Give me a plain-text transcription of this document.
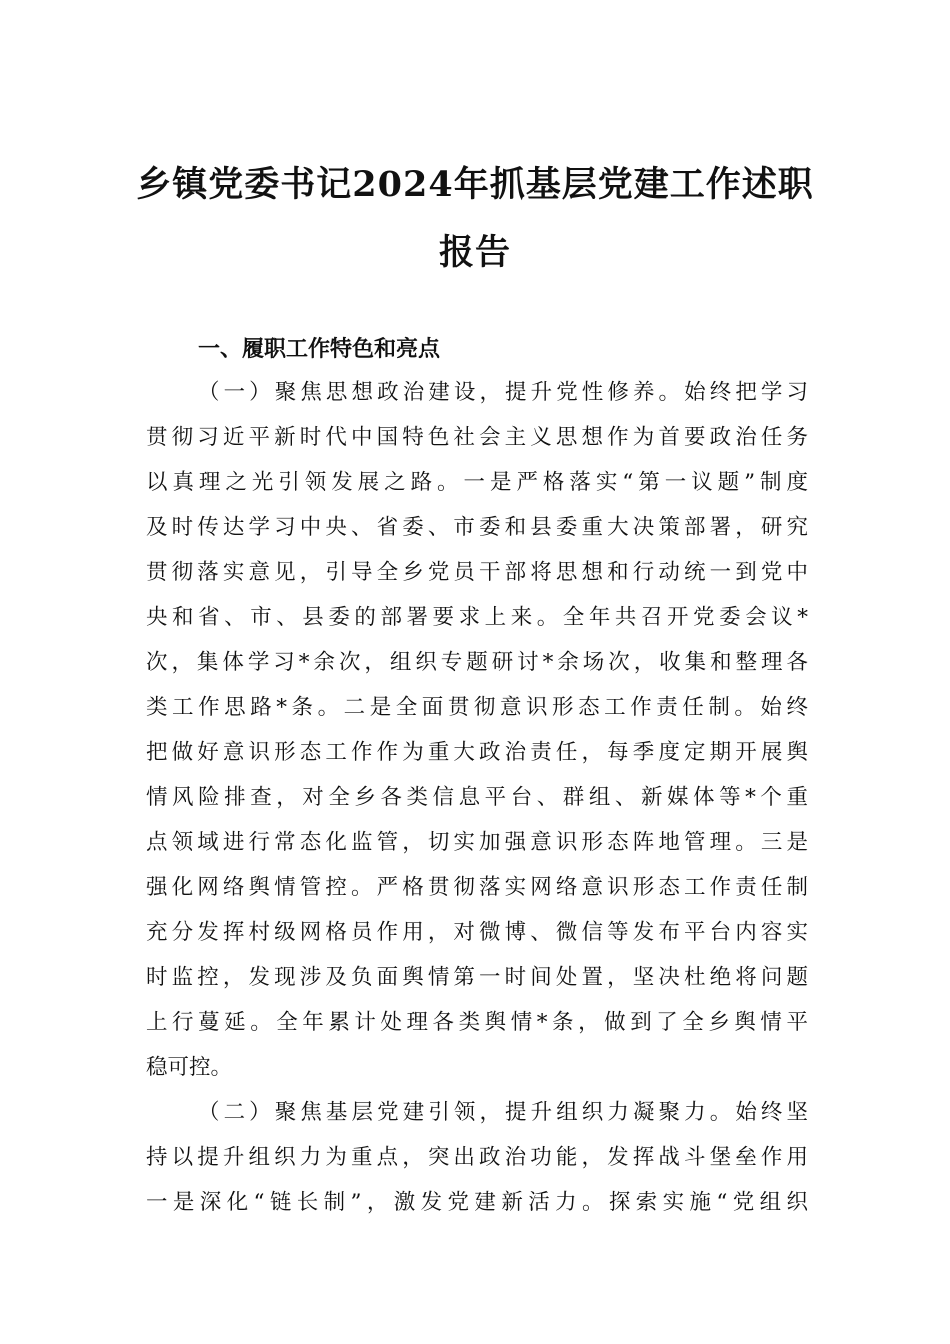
乡镇党委书记2024年抓基层党建工作述职
报告
一、履职工作特色和亮点
（一）聚焦思想政治建设，提升党性修养。始终把学习
贯彻习近平新时代中国特色社会主义思想作为首要政治任务
以真理之光引领发展之路。一是严格落实“第一议题”制度
及时传达学习中央、省委、市委和县委重大决策部署，研究
贯彻落实意见，引导全乡党员干部将思想和行动统一到党中
央和省、市、县委的部署要求上来。全年共召开党委会议*
次，集体学习*余次，组织专题研讨*余场次，收集和整理各
类工作思路*条。二是全面贯彻意识形态工作责任制。始终
把做好意识形态工作作为重大政治责任，每季度定期开展舆
情风险排查，对全乡各类信息平台、群组、新媒体等*个重
点领域进行常态化监管，切实加强意识形态阵地管理。三是
强化网络舆情管控。严格贯彻落实网络意识形态工作责任制
充分发挥村级网格员作用，对微博、微信等发布平台内容实
时监控，发现涉及负面舆情第一时间处置，坚决杜绝将问题
上行蔓延。全年累计处理各类舆情*条，做到了全乡舆情平
稳可控。
（二）聚焦基层党建引领，提升组织力凝聚力。始终坚
持以提升组织力为重点，突出政治功能，发挥战斗堡垒作用
一是深化“链长制”，激发党建新活力。探索实施“党组织
